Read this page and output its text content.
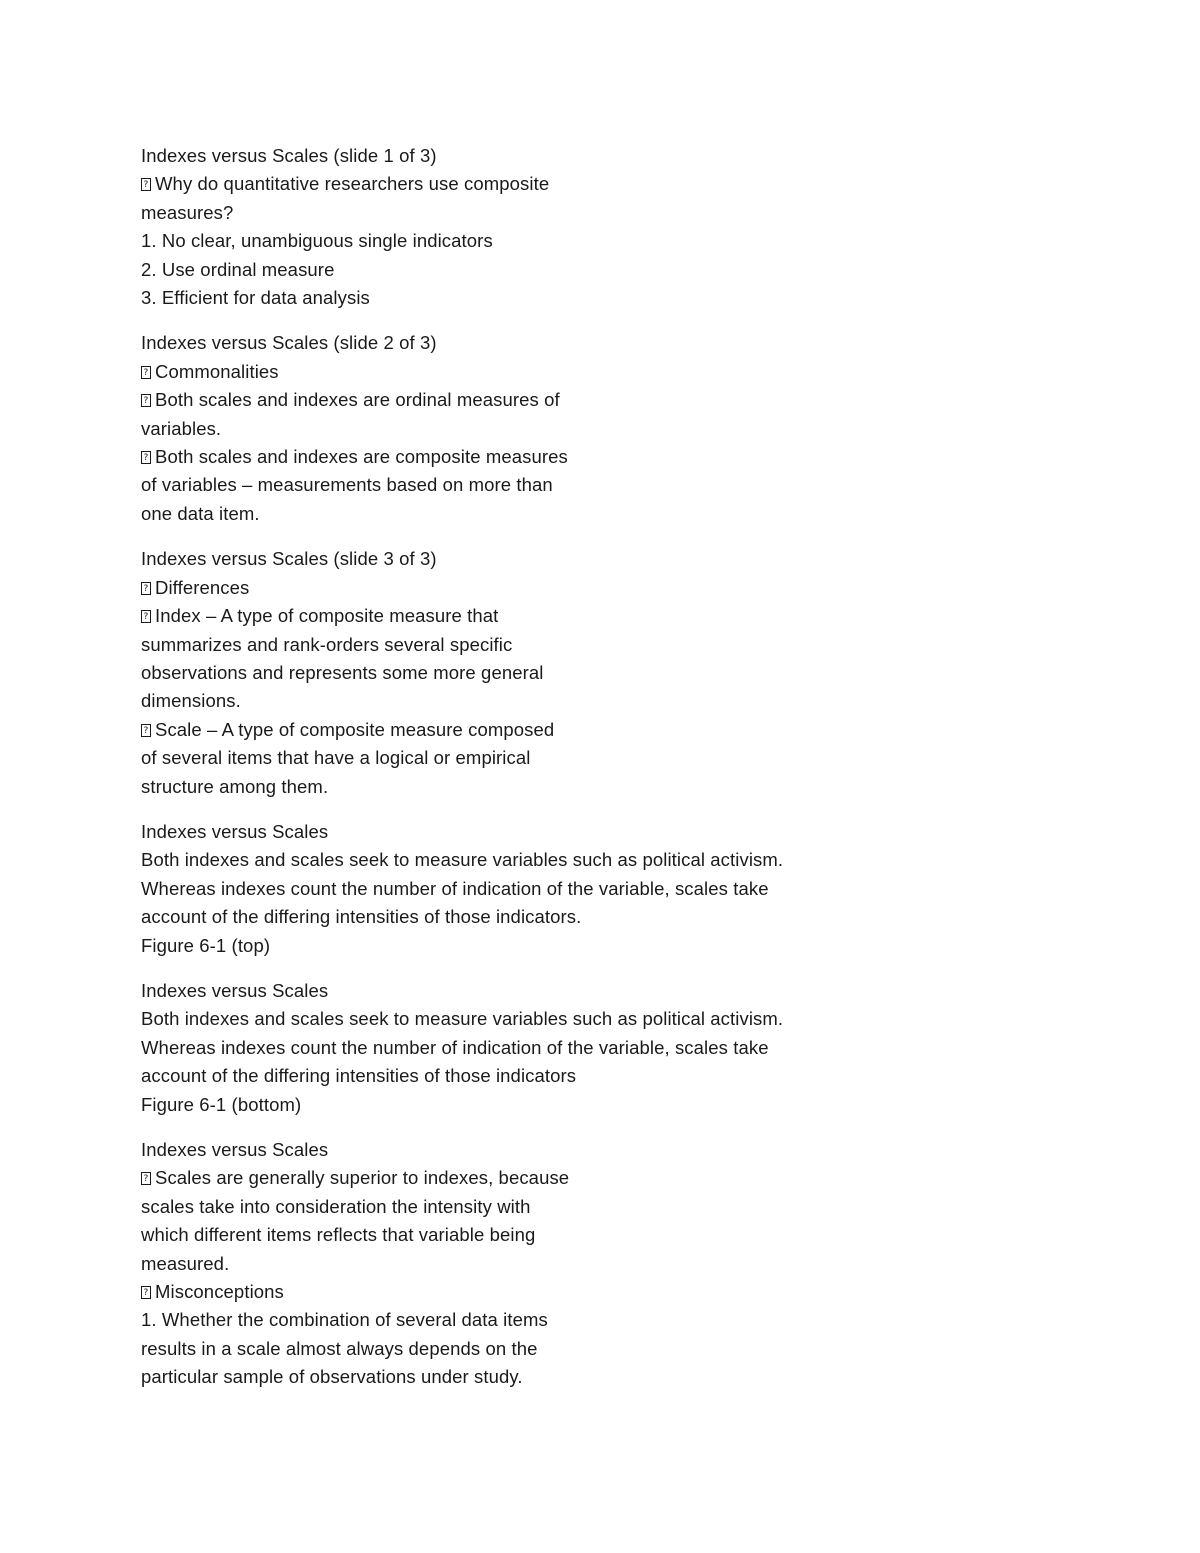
Indexes versus Scales (slide 1 of 3)
?Why do quantitative researchers use composite
measures?
1. No clear, unambiguous single indicators
2. Use ordinal measure
3. Efficient for data analysis
Indexes versus Scales (slide 2 of 3)
?Commonalities
?Both scales and indexes are ordinal measures of
variables.
?Both scales and indexes are composite measures
of variables – measurements based on more than
one data item.
Indexes versus Scales (slide 3 of 3)
?Differences
?Index – A type of composite measure that
summarizes and rank-orders several specific
observations and represents some more general
dimensions.
?Scale – A type of composite measure composed
of several items that have a logical or empirical
structure among them.
Indexes versus Scales
Both indexes and scales seek to measure variables such as political activism.
Whereas indexes count the number of indication of the variable, scales take
account of the differing intensities of those indicators.
Figure 6-1 (top)
Indexes versus Scales
Both indexes and scales seek to measure variables such as political activism.
Whereas indexes count the number of indication of the variable, scales take
account of the differing intensities of those indicators
Figure 6-1 (bottom)
Indexes versus Scales
?Scales are generally superior to indexes, because
scales take into consideration the intensity with
which different items reflects that variable being
measured.
?Misconceptions
1. Whether the combination of several data items
results in a scale almost always depends on the
particular sample of observations under study.
